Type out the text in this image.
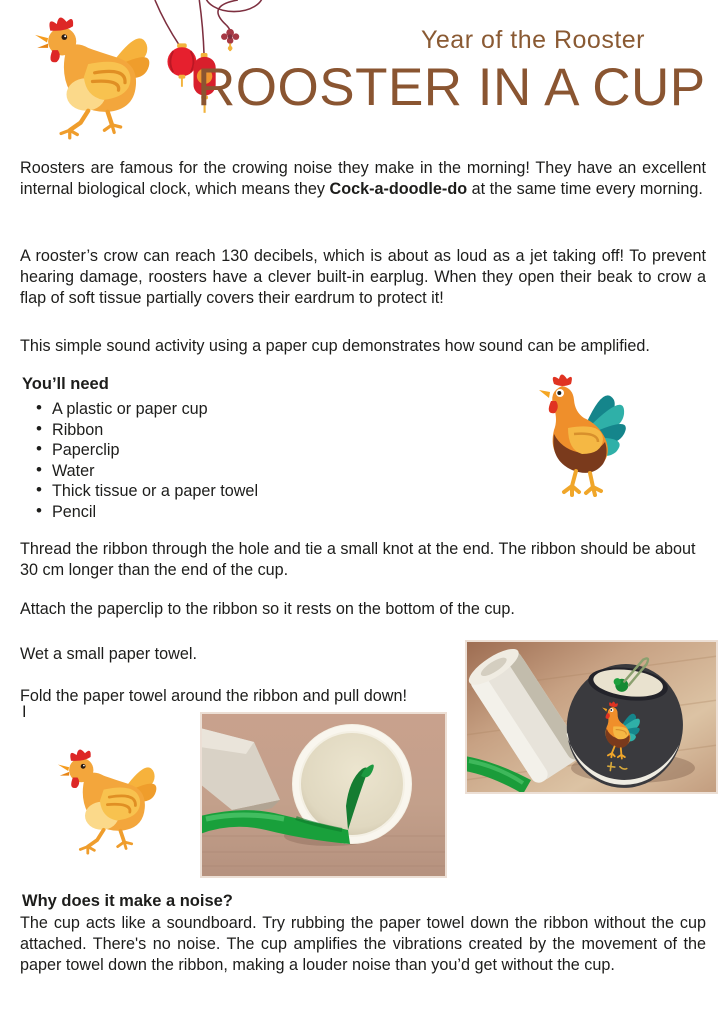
Year of the Rooster
ROOSTER IN A CUP

Roosters are famous for the crowing noise they make in the morning! They have an excellent internal biological clock, which means they Cock-a-doodle-do at the same time every morning.

A rooster’s crow can reach 130 decibels, which is about as loud as a jet taking off! To prevent hearing damage, roosters have a clever built-in earplug. When they open their beak to crow a flap of soft tissue partially covers their eardrum to protect it!

This simple sound activity using a paper cup demonstrates how sound can be amplified.

You’ll need
• A plastic or paper cup
• Ribbon
• Paperclip
• Water
• Thick tissue or a paper towel
• Pencil

Thread the ribbon through the hole and tie a small knot at the end. The ribbon should be about 30 cm longer than the end of the cup.

Attach the paperclip to the ribbon so it rests on the bottom of the cup.

Wet a small paper towel.

Fold the paper towel around the ribbon and pull down!

I
Why does it make a noise?

The cup acts like a soundboard. Try rubbing the paper towel down the ribbon without the cup attached. There's no noise. The cup amplifies the vibrations created by the movement of the paper towel down the ribbon, making a louder noise than you’d get without the cup.
